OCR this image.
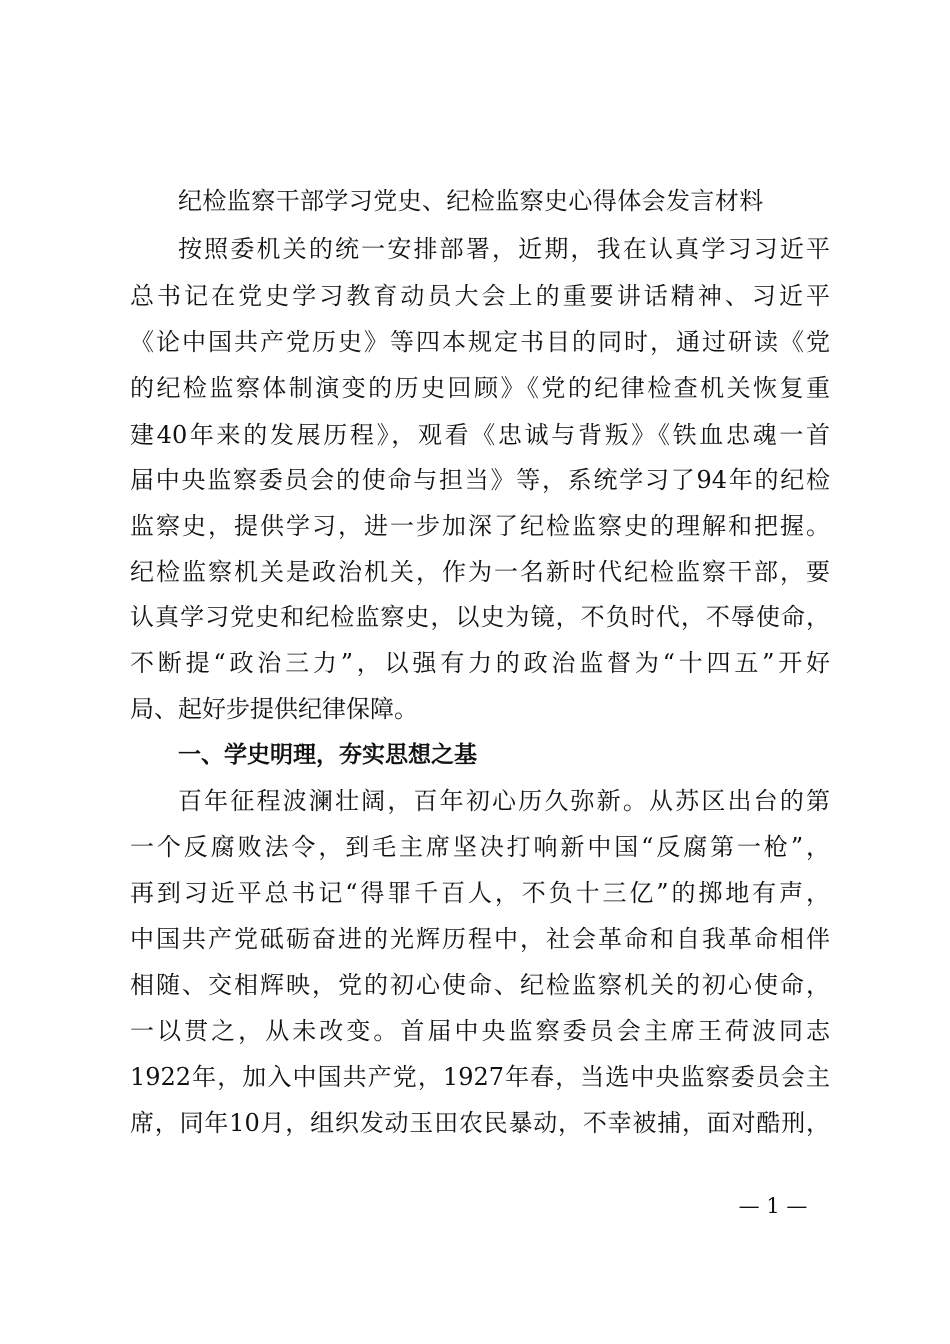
纪检监察干部学习党史、纪检监察史心得体会发言材料

按照委机关的统一安排部署，近期，我在认真学习习近平

总书记在党史学习教育动员大会上的重要讲话精神、习近平

《论中国共产党历史》等四本规定书目的同时，通过研读《党

的纪检监察体制演变的历史回顾》《党的纪律检查机关恢复重

建40年来的发展历程》，观看《忠诚与背叛》《铁血忠魂一首

届中央监察委员会的使命与担当》等，系统学习了94年的纪检

监察史，提供学习，进一步加深了纪检监察史的理解和把握。

纪检监察机关是政治机关，作为一名新时代纪检监察干部，要

认真学习党史和纪检监察史，以史为镜，不负时代，不辱使命，

不断提“政治三力”，以强有力的政治监督为“十四五”开好

局、起好步提供纪律保障。

一、学史明理，夯实思想之基

百年征程波澜壮阔，百年初心历久弥新。从苏区出台的第

一个反腐败法令，到毛主席坚决打响新中国“反腐第一枪”，

再到习近平总书记“得罪千百人，不负十三亿”的掷地有声，

中国共产党砥砺奋进的光辉历程中，社会革命和自我革命相伴

相随、交相辉映，党的初心使命、纪检监察机关的初心使命，

一以贯之，从未改变。首届中央监察委员会主席王荷波同志

1922年，加入中国共产党，1927年春，当选中央监察委员会主

席，同年10月，组织发动玉田农民暴动，不幸被捕，面对酷刑，

— 1 —
